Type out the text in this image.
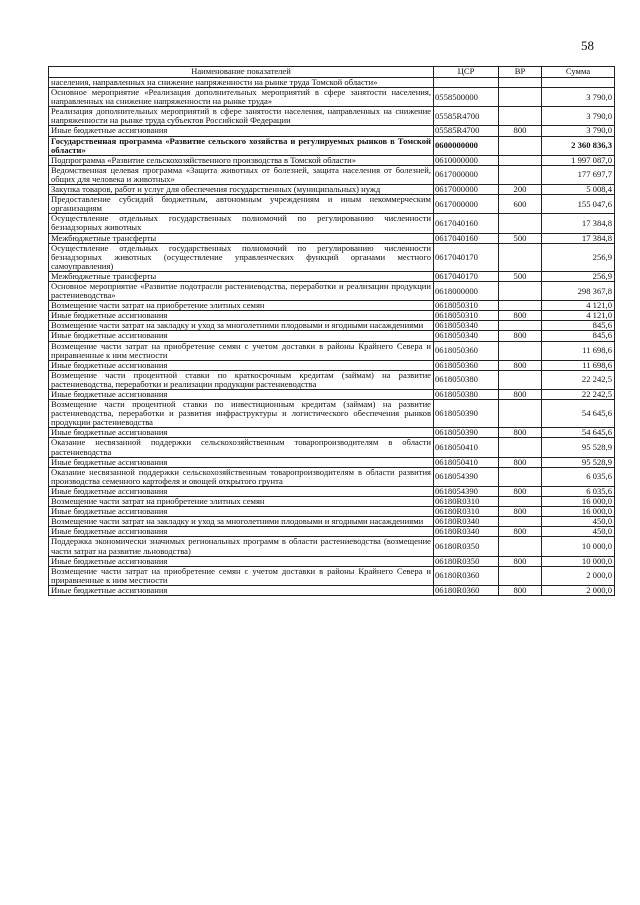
58
Наименование показателей	ЦСР	ВР	Сумма
населения, направленных на снижение напряженности на рынке труда Томской области»			
Основное мероприятие «Реализация дополнительных мероприятий в сфере занятости населения, направленных на снижение напряженности на рынке труда»	0558500000		3 790,0
Реализация дополнительных мероприятий в сфере занятости населения, направленных на снижение напряженности на рынке труда субъектов Российской Федерации	05585R4700		3 790,0
Иные бюджетные ассигнования	05585R4700	800	3 790,0
Государственная программа «Развитие сельского хозяйства и регулируемых рынков в Томской области»	0600000000		2 360 836,3
Подпрограмма «Развитие сельскохозяйственного производства в Томской области»	0610000000		1 997 087,0
Ведомственная целевая программа «Защита животных от болезней, защита населения от болезней, общих для человека и животных»	0617000000		177 697,7
Закупка товаров, работ и услуг для обеспечения государственных (муниципальных) нужд	0617000000	200	5 008,4
Предоставление субсидий бюджетным, автономным учреждениям и иным некоммерческим организациям	0617000000	600	155 047,6
Осуществление отдельных государственных полномочий по регулированию численности безнадзорных животных	0617040160		17 384,8
Межбюджетные трансферты	0617040160	500	17 384,8
Осуществление отдельных государственных полномочий по регулированию численности безнадзорных животных (осуществление управленческих функций органами местного самоуправления)	0617040170		256,9
Межбюджетные трансферты	0617040170	500	256,9
Основное мероприятие «Развитие подотрасли растениеводства, переработки и реализации продукции растениеводства»	0618000000		298 367,8
Возмещение части затрат на приобретение элитных семян	0618050310		4 121,0
Иные бюджетные ассигнования	0618050310	800	4 121,0
Возмещение части затрат на закладку и уход за многолетними плодовыми и ягодными насаждениями	0618050340		845,6
Иные бюджетные ассигнования	0618050340	800	845,6
Возмещение части затрат на приобретение семян с учетом доставки в районы Крайнего Севера и приравненные к ним местности	0618050360		11 698,6
Иные бюджетные ассигнования	0618050360	800	11 698,6
Возмещение части процентной ставки по краткосрочным кредитам (займам) на развитие растениеводства, переработки и реализации продукции растениеводства	0618050380		22 242,5
Иные бюджетные ассигнования	0618050380	800	22 242,5
Возмещение части процентной ставки по инвестиционным кредитам (займам) на развитие растениеводства, переработки и развития инфраструктуры и логистического обеспечения рынков продукции растениеводства	0618050390		54 645,6
Иные бюджетные ассигнования	0618050390	800	54 645,6
Оказание несвязанной поддержки сельскохозяйственным товаропроизводителям в области растениеводства	0618050410		95 528,9
Иные бюджетные ассигнования	0618050410	800	95 528,9
Оказание несвязанной поддержки сельскохозяйственным товаропроизводителям в области развития производства семенного картофеля и овощей открытого грунта	0618054390		6 035,6
Иные бюджетные ассигнования	0618054390	800	6 035,6
Возмещение части затрат на приобретение элитных семян	06180R0310		16 000,0
Иные бюджетные ассигнования	06180R0310	800	16 000,0
Возмещение части затрат на закладку и уход за многолетними плодовыми и ягодными насаждениями	06180R0340		450,0
Иные бюджетные ассигнования	06180R0340	800	450,0
Поддержка экономически значимых региональных программ в области растениеводства (возмещение части затрат на развитие льноводства)	06180R0350		10 000,0
Иные бюджетные ассигнования	06180R0350	800	10 000,0
Возмещение части затрат на приобретение семян с учетом доставки в районы Крайнего Севера и приравненные к ним местности	06180R0360		2 000,0
Иные бюджетные ассигнования	06180R0360	800	2 000,0
